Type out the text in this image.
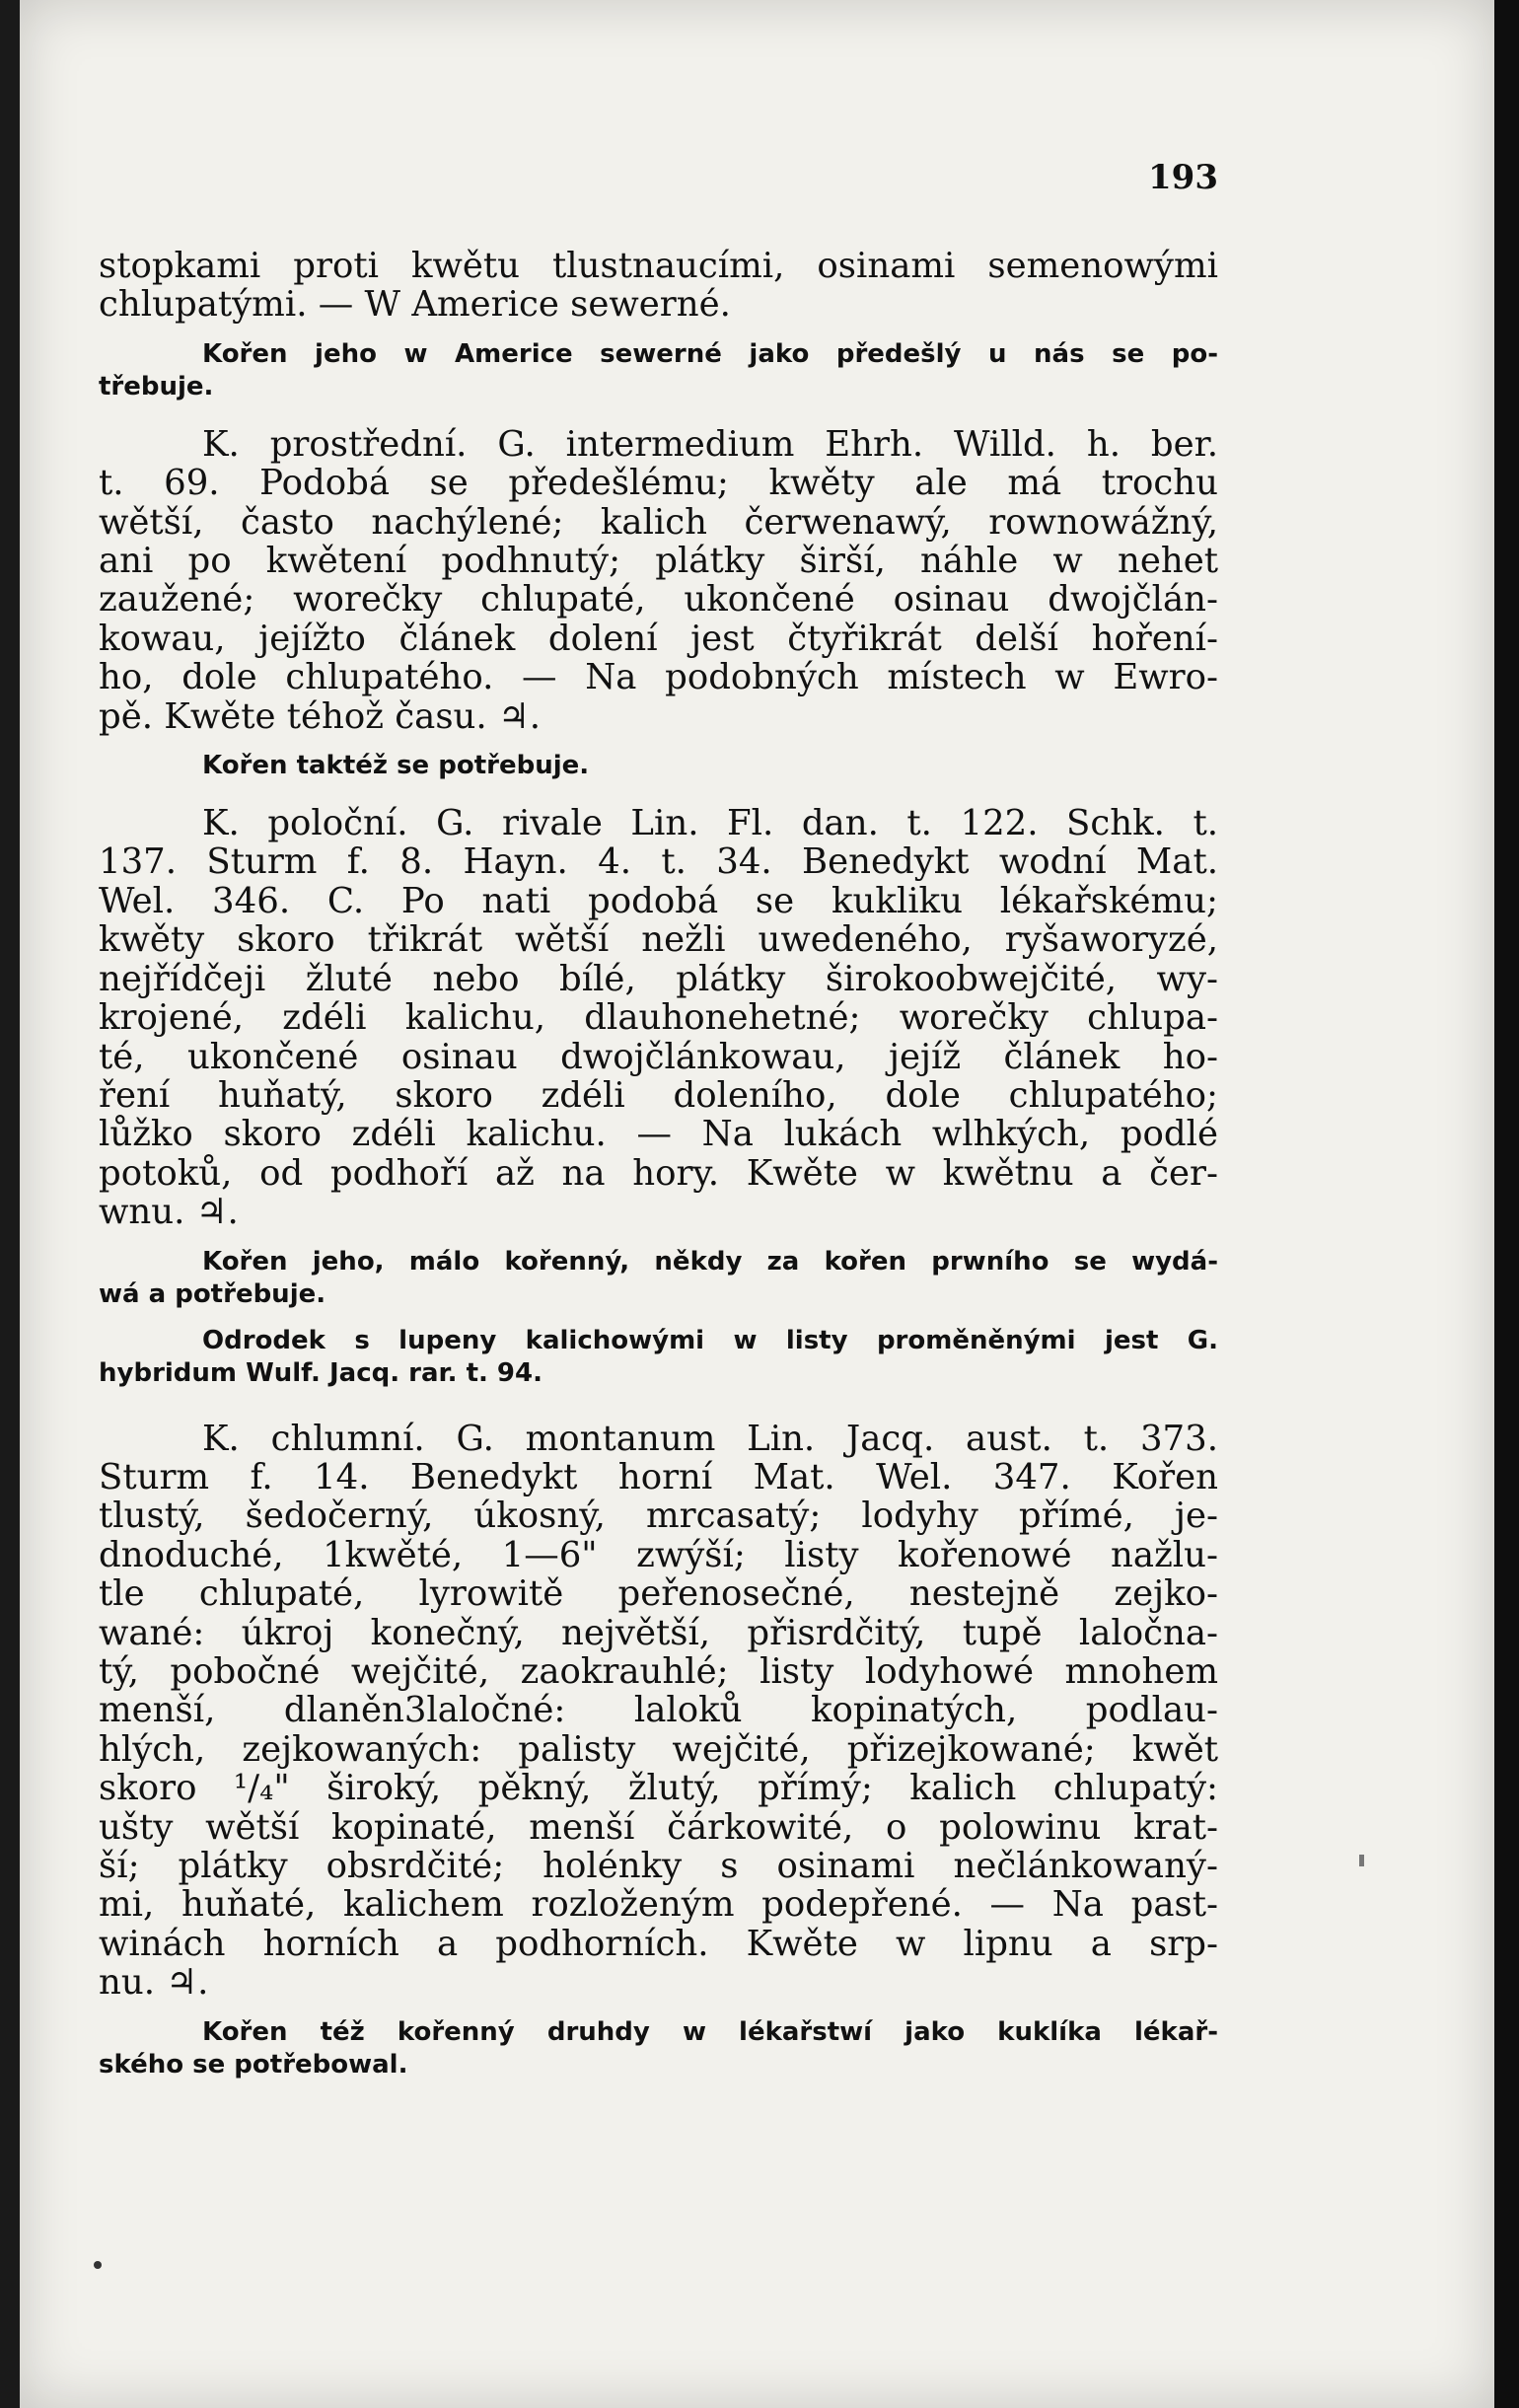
193
stopkami proti kwětu tlustnaucími, osinami semenowými
chlupatými. — W Americe sewerné.
Kořen jeho w Americe sewerné jako předešlý u nás se po-
třebuje.
K. prostřední. G. intermedium Ehrh. Willd. h. ber.
t. 69. Podobá se předešlému; kwěty ale má trochu
wětší, často nachýlené; kalich čerwenawý, rownowážný,
ani po kwětení podhnutý; plátky širší, náhle w nehet
zaužené; worečky chlupaté, ukončené osinau dwojčlán-
kowau, jejížto článek dolení jest čtyřikrát delší hoření-
ho, dole chlupatého. — Na podobných místech w Ewro-
pě. Kwěte téhož času. ♃.
Kořen taktéž se potřebuje.
K. poloční. G. rivale Lin. Fl. dan. t. 122. Schk. t.
137. Sturm f. 8. Hayn. 4. t. 34. Benedykt wodní Mat.
Wel. 346. C. Po nati podobá se kukliku lékařskému;
kwěty skoro třikrát wětší nežli uwedeného, ryšaworyzé,
nejřídčeji žluté nebo bílé, plátky širokoobwejčité, wy-
krojené, zdéli kalichu, dlauhonehetné; worečky chlupa-
té, ukončené osinau dwojčlánkowau, jejíž článek ho-
ření huňatý, skoro zdéli doleního, dole chlupatého;
lůžko skoro zdéli kalichu. — Na lukách wlhkých, podlé
potoků, od podhoří až na hory. Kwěte w kwětnu a čer-
wnu. ♃.
Kořen jeho, málo kořenný, někdy za kořen prwního se wydá-
wá a potřebuje.
Odrodek s lupeny kalichowými w listy proměněnými jest G.
hybridum Wulf. Jacq. rar. t. 94.
K. chlumní. G. montanum Lin. Jacq. aust. t. 373.
Sturm f. 14. Benedykt horní Mat. Wel. 347. Kořen
tlustý, šedočerný, úkosný, mrcasatý; lodyhy přímé, je-
dnoduché, 1kwěté, 1—6" zwýší; listy kořenowé nažlu-
tle chlupaté, lyrowitě peřenosečné, nestejně zejko-
wané: úkroj konečný, největší, přisrdčitý, tupě laločna-
tý, pobočné wejčité, zaokrauhlé; listy lodyhowé mnohem
menší, dlaněn3laločné: laloků kopinatých, podlau-
hlých, zejkowaných: palisty wejčité, přizejkowané; kwět
skoro ¹/₄" široký, pěkný, žlutý, přímý; kalich chlupatý:
ušty wětší kopinaté, menší čárkowité, o polowinu krat-
ší; plátky obsrdčité; holénky s osinami nečlánkowaný-
mi, huňaté, kalichem rozloženým podepřené. — Na past-
winách horních a podhorních. Kwěte w lipnu a srp-
nu. ♃.
Kořen též kořenný druhdy w lékařstwí jako kuklíka lékař-
ského se potřebowal.
